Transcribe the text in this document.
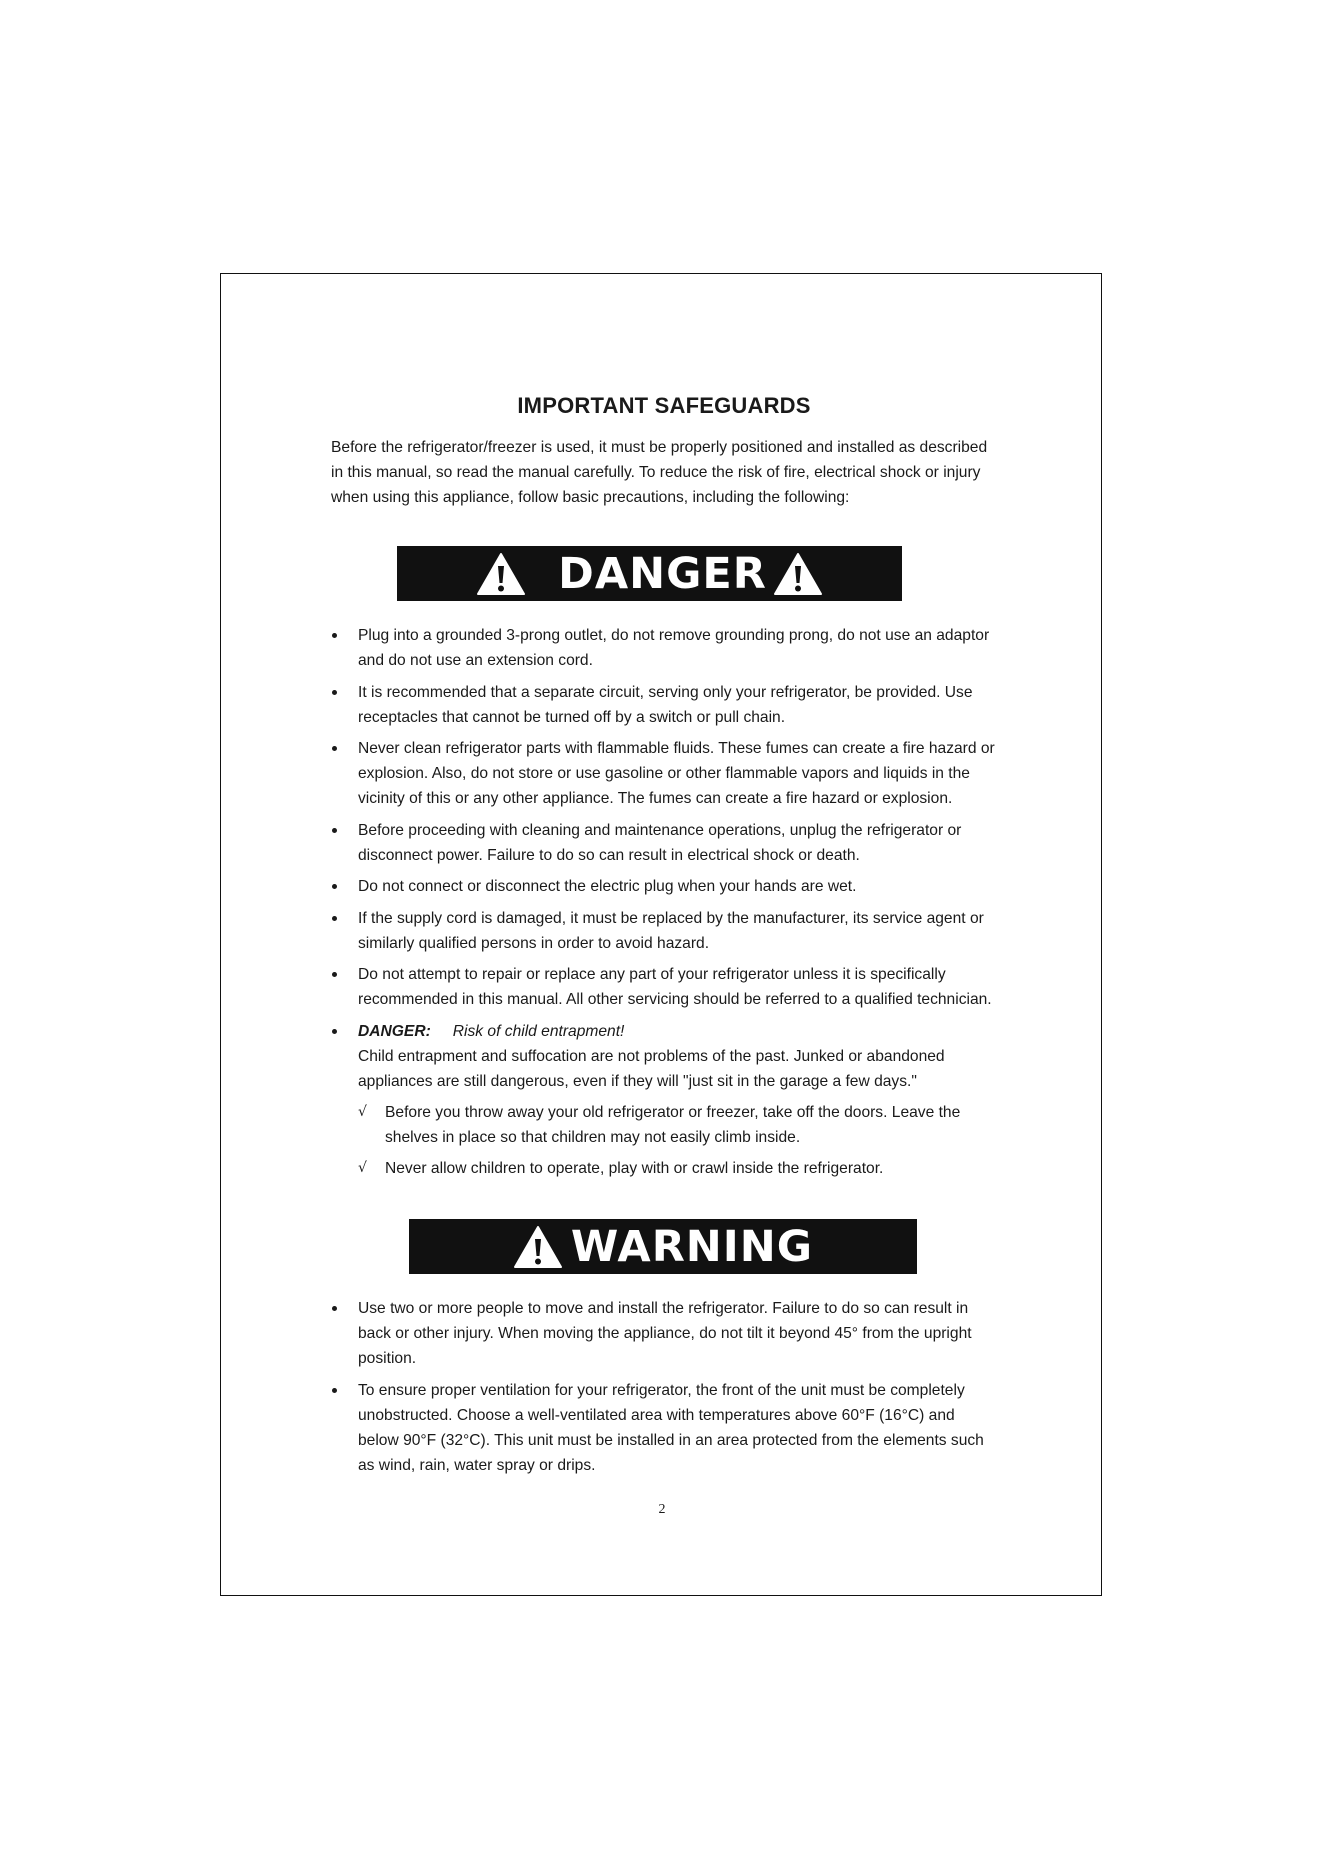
IMPORTANT SAFEGUARDS

Before the refrigerator/freezer is used, it must be properly positioned and installed as described in this manual, so read the manual carefully. To reduce the risk of fire, electrical shock or injury when using this appliance, follow basic precautions, including the following:

DANGER
Plug into a grounded 3-prong outlet, do not remove grounding prong, do not use an adaptor and do not use an extension cord.
It is recommended that a separate circuit, serving only your refrigerator, be provided. Use receptacles that cannot be turned off by a switch or pull chain.
Never clean refrigerator parts with flammable fluids. These fumes can create a fire hazard or explosion. Also, do not store or use gasoline or other flammable vapors and liquids in the vicinity of this or any other appliance. The fumes can create a fire hazard or explosion.
Before proceeding with cleaning and maintenance operations, unplug the refrigerator or disconnect power. Failure to do so can result in electrical shock or death.
Do not connect or disconnect the electric plug when your hands are wet.
If the supply cord is damaged, it must be replaced by the manufacturer, its service agent or similarly qualified persons in order to avoid hazard.
Do not attempt to repair or replace any part of your refrigerator unless it is specifically recommended in this manual. All other servicing should be referred to a qualified technician.
DANGER: Risk of child entrapment!
Child entrapment and suffocation are not problems of the past. Junked or abandoned appliances are still dangerous, even if they will "just sit in the garage a few days."
√ Before you throw away your old refrigerator or freezer, take off the doors. Leave the shelves in place so that children may not easily climb inside.
√ Never allow children to operate, play with or crawl inside the refrigerator.
WARNING
Use two or more people to move and install the refrigerator. Failure to do so can result in back or other injury. When moving the appliance, do not tilt it beyond 45° from the upright position.
To ensure proper ventilation for your refrigerator, the front of the unit must be completely unobstructed. Choose a well-ventilated area with temperatures above 60°F (16°C) and below 90°F (32°C). This unit must be installed in an area protected from the elements such as wind, rain, water spray or drips.
2
